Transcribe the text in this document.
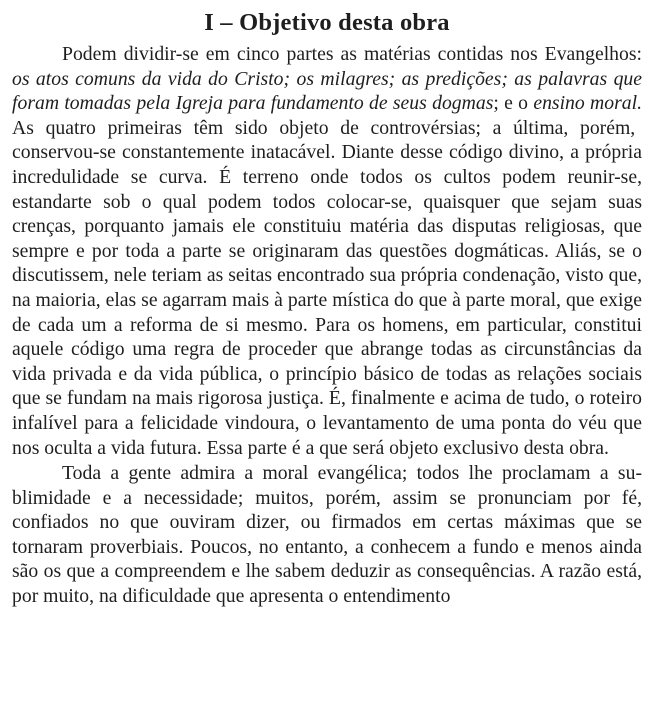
I – Objetivo desta obra

Podem dividir-se em cinco partes as matérias contidas nos Evangelhos: os atos comuns da vida do Cristo; os milagres; as predições; as palavras que foram tomadas pela Igreja para fundamento de seus dogmas; e o ensino moral. As quatro primeiras têm sido objeto de controvérsias; a última, porém, conservou-se constantemente inatacável. Diante desse código divino, a própria incredulidade se curva. É terreno onde todos os cultos podem reunir-se, estandarte sob o qual podem todos colocar-se, quaisquer que sejam suas crenças, porquanto jamais ele constituiu matéria das disputas religiosas, que sempre e por toda a parte se originaram das questões dogmáticas. Aliás, se o discutissem, nele teriam as seitas encontrado sua própria condenação, visto que, na maioria, elas se agarram mais à parte mística do que à parte moral, que exige de cada um a reforma de si mesmo. Para os homens, em particular, constitui aquele código uma regra de proceder que abrange todas as circunstâncias da vida privada e da vida pública, o princípio básico de todas as relações sociais que se fundam na mais rigorosa justiça. É, finalmente e acima de tudo, o roteiro infalível para a felicidade vindoura, o levantamento de uma ponta do véu que nos oculta a vida futura. Essa parte é a que será objeto exclusivo desta obra.

Toda a gente admira a moral evangélica; todos lhe proclamam a sublimidade e a necessidade; muitos, porém, assim se pronunciam por fé, confiados no que ouviram dizer, ou firmados em certas máximas que se tornaram proverbiais. Poucos, no entanto, a conhecem a fundo e menos ainda são os que a compreendem e lhe sabem deduzir as consequências. A razão está, por muito, na dificuldade que apresenta o entendimento
